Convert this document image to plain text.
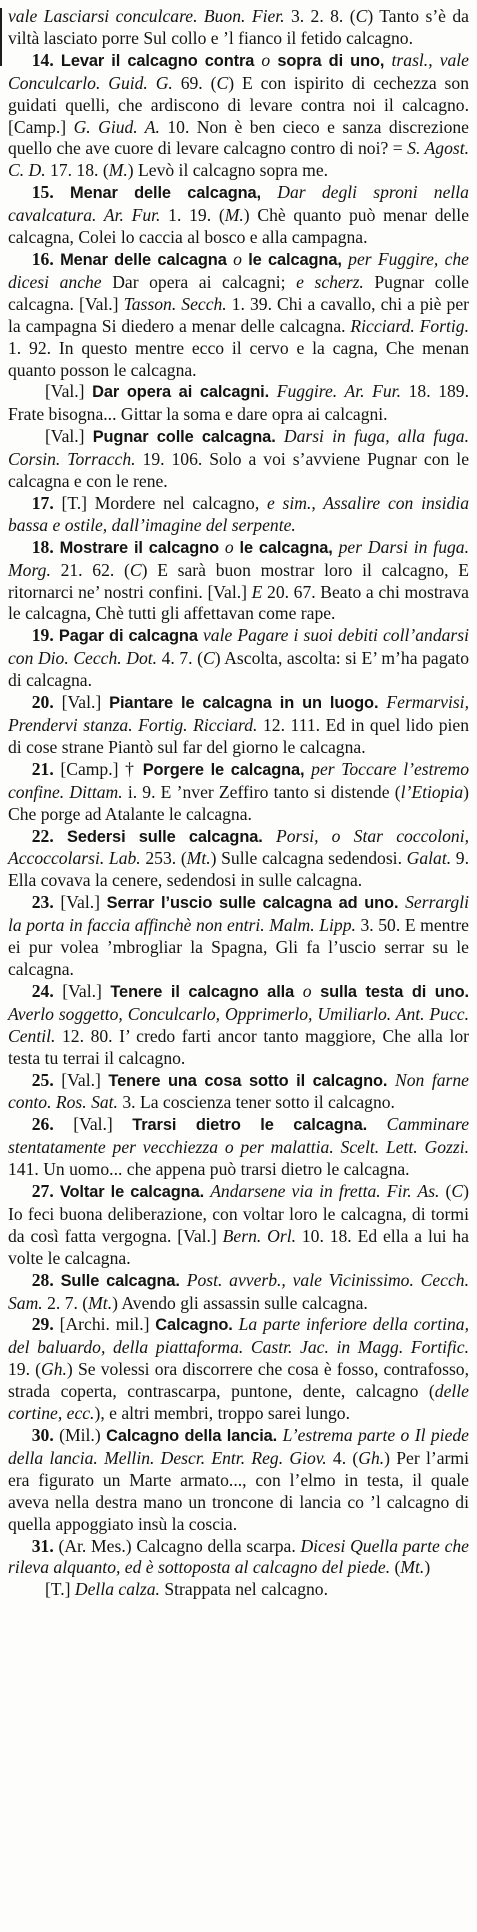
vale Lasciarsi conculcare. Buon. Fier. 3. 2. 8. (C) Tanto s’è da viltà lasciato porre Sul collo e ’l fianco il fetido calcagno.

14. Levar il calcagno contra o sopra di uno, trasl., vale Conculcarlo. Guid. G. 69. (C) E con ispirito di cechezza son guidati quelli, che ardiscono di levare contra noi il calcagno. [Camp.] G. Giud. A. 10. Non è ben cieco e sanza discrezione quello che ave cuore di levare calcagno contro di noi? = S. Agost. C. D. 17. 18. (M.) Levò il calcagno sopra me.

15. Menar delle calcagna, Dar degli sproni nella cavalcatura. Ar. Fur. 1. 19. (M.) Chè quanto può menar delle calcagna, Colei lo caccia al bosco e alla campagna.

16. Menar delle calcagna o le calcagna, per Fuggire, che dicesi anche Dar opera ai calcagni; e scherz. Pugnar colle calcagna. [Val.] Tasson. Secch. 1. 39. Chi a cavallo, chi a piè per la campagna Si diedero a menar delle calcagna. Ricciard. Fortig. 1. 92. In questo mentre ecco il cervo e la cagna, Che menan quanto posson le calcagna.

[Val.] Dar opera ai calcagni. Fuggire. Ar. Fur. 18. 189. Frate bisogna... Gittar la soma e dare opra ai calcagni.

[Val.] Pugnar colle calcagna. Darsi in fuga, alla fuga. Corsin. Torracch. 19. 106. Solo a voi s’avviene Pugnar con le calcagna e con le rene.

17. [T.] Mordere nel calcagno, e sim., Assalire con insidia bassa e ostile, dall’imagine del serpente.

18. Mostrare il calcagno o le calcagna, per Darsi in fuga. Morg. 21. 62. (C) E sarà buon mostrar loro il calcagno, E ritornarci ne’ nostri confini. [Val.] E 20. 67. Beato a chi mostrava le calcagna, Chè tutti gli affettavan come rape.

19. Pagar di calcagna vale Pagare i suoi debiti coll’andarsi con Dio. Cecch. Dot. 4. 7. (C) Ascolta, ascolta: si E’ m’ha pagato di calcagna.

20. [Val.] Piantare le calcagna in un luogo. Fermarvisi, Prendervi stanza. Fortig. Ricciard. 12. 111. Ed in quel lido pien di cose strane Piantò sul far del giorno le calcagna.

21. [Camp.] † Porgere le calcagna, per Toccare l’estremo confine. Dittam. i. 9. E ’nver Zeffiro tanto si distende (l’Etiopia) Che porge ad Atalante le calcagna.

22. Sedersi sulle calcagna. Porsi, o Star coccoloni, Accoccolarsi. Lab. 253. (Mt.) Sulle calcagna sedendosi. Galat. 9. Ella covava la cenere, sedendosi in sulle calcagna.

23. [Val.] Serrar l’uscio sulle calcagna ad uno. Serrargli la porta in faccia affinchè non entri. Malm. Lipp. 3. 50. E mentre ei pur volea ’mbrogliar la Spagna, Gli fa l’uscio serrar su le calcagna.

24. [Val.] Tenere il calcagno alla o sulla testa di uno. Averlo soggetto, Conculcarlo, Opprimerlo, Umiliarlo. Ant. Pucc. Centil. 12. 80. I’ credo farti ancor tanto maggiore, Che alla lor testa tu terrai il calcagno.

25. [Val.] Tenere una cosa sotto il calcagno. Non farne conto. Ros. Sat. 3. La coscienza tener sotto il calcagno.

26. [Val.] Trarsi dietro le calcagna. Camminare stentatamente per vecchiezza o per malattia. Scelt. Lett. Gozzi. 141. Un uomo... che appena può trarsi dietro le calcagna.

27. Voltar le calcagna. Andarsene via in fretta. Fir. As. (C) Io feci buona deliberazione, con voltar loro le calcagna, di tormi da così fatta vergogna. [Val.] Bern. Orl. 10. 18. Ed ella a lui ha volte le calcagna.

28. Sulle calcagna. Post. avverb., vale Vicinissimo. Cecch. Sam. 2. 7. (Mt.) Avendo gli assassin sulle calcagna.

29. [Archi. mil.] Calcagno. La parte inferiore della cortina, del baluardo, della piattaforma. Castr. Jac. in Magg. Fortific. 19. (Gh.) Se volessi ora discorrere che cosa è fosso, contrafosso, strada coperta, contrascarpa, puntone, dente, calcagno (delle cortine, ecc.), e altri membri, troppo sarei lungo.

30. (Mil.) Calcagno della lancia. L’estrema parte o Il piede della lancia. Mellin. Descr. Entr. Reg. Giov. 4. (Gh.) Per l’armi era figurato un Marte armato..., con l’elmo in testa, il quale aveva nella destra mano un troncone di lancia co ’l calcagno di quella appoggiato insù la coscia.

31. (Ar. Mes.) Calcagno della scarpa. Dicesi Quella parte che rileva alquanto, ed è sottoposta al calcagno del piede. (Mt.)

[T.] Della calza. Strappata nel calcagno.
